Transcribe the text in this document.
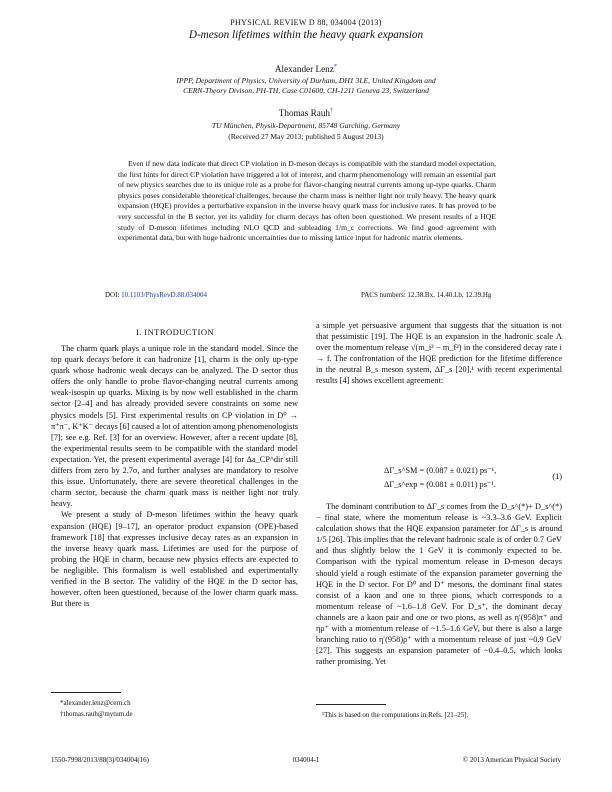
PHYSICAL REVIEW D 88, 034004 (2013)
D-meson lifetimes within the heavy quark expansion
Alexander Lenz*
IPPP, Department of Physics, University of Durham, DH1 3LE, United Kingdom and
CERN-Theory Divison, PH-TH, Case C01600, CH-1211 Geneva 23, Switzerland
Thomas Rauh†
TU München, Physik-Department, 85748 Garching, Germany
(Received 27 May 2013; published 5 August 2013)
Even if new data indicate that direct CP violation in D-meson decays is compatible with the standard model expectation, the first hints for direct CP violation have triggered a lot of interest, and charm phenomenology will remain an essential part of new physics searches due to its unique role as a probe for flavor-changing neutral currents among up-type quarks. Charm physics poses considerable theoretical challenges, because the charm mass is neither light nor truly heavy. The heavy quark expansion (HQE) provides a perturbative expansion in the inverse heavy quark mass for inclusive rates. It has proved to be very successful in the B sector, yet its validity for charm decays has often been questioned. We present results of a HQE study of D-meson lifetimes including NLO QCD and subleading 1/m_c corrections. We find good agreement with experimental data, but with huge hadronic uncertainties due to missing lattice input for hadronic matrix elements.
DOI: 10.1103/PhysRevD.88.034004	PACS numbers: 12.38.Bx, 14.40.Lb, 12.39.Hg
I. INTRODUCTION

The charm quark plays a unique role in the standard model. Since the top quark decays before it can hadronize [1], charm is the only up-type quark whose hadronic weak decays can be analyzed. The D sector thus offers the only handle to probe flavor-changing neutral currents among weak-isospin up quarks. Mixing is by now well established in the charm sector [2–4] and has already provided severe constraints on some new physics models [5]. First experimental results on CP violation in D⁰ → π⁺π⁻, K⁺K⁻ decays [6] caused a lot of attention among phenomenologists [7]; see e.g. Ref. [3] for an overview. However, after a recent update [8], the experimental results seem to be compatible with the standard model expectation. Yet, the present experimental average [4] for Δa_CP^dir still differs from zero by 2.7σ, and further analyses are mandatory to resolve this issue. Unfortunately, there are severe theoretical challenges in the charm sector, because the charm quark mass is neither light nor truly heavy.

We present a study of D-meson lifetimes within the heavy quark expansion (HQE) [9–17], an operator product expansion (OPE)-based framework [18] that expresses inclusive decay rates as an expansion in the inverse heavy quark mass. Lifetimes are used for the purpose of probing the HQE in charm, because new physics effects are expected to be negligible. This formalism is well established and experimentally verified in the B sector. The validity of the HQE in the D sector has, however, often been questioned, because of the lower charm quark mass. But there is

*alexander.lenz@cern.ch
†thomas.rauh@mytum.de

a simple yet persuasive argument that suggests that the situation is not that pessimistic [19]. The HQE is an expansion in the hadronic scale Λ over the momentum release √(m_i² − m_f²) in the considered decay rate i → f. The confrontation of the HQE prediction for the lifetime difference in the neutral B_s meson system, ΔΓ_s [20],¹ with recent experimental results [4] shows excellent agreement:

ΔΓ_s^SM = (0.087 ± 0.021) ps⁻¹,
ΔΓ_s^exp = (0.081 ± 0.011) ps⁻¹.
(1)

The dominant contribution to ΔΓ_s comes from the D_s^(*)+ D_s^(*)− final state, where the momentum release is ~3.3–3.6 GeV. Explicit calculation shows that the HQE expansion parameter for ΔΓ_s is around 1/5 [26]. This implies that the relevant hadronic scale is of order 0.7 GeV and thus slightly below the 1 GeV it is commonly expected to be. Comparison with the typical momentum release in D-meson decays should yield a rough estimate of the expansion parameter governing the HQE in the D sector. For D⁰ and D⁺ mesons, the dominant final states consist of a kaon and one to three pions, which corresponds to a momentum release of ~1.6–1.8 GeV. For D_s⁺, the dominant decay channels are a kaon pair and one or two pions, as well as η′(958)π⁺ and ηρ⁺ with a momentum release of ~1.5–1.6 GeV, but there is also a large branching ratio to η′(958)ρ⁺ with a momentum release of just ~0.9 GeV [27]. This suggests an expansion parameter of ~0.4–0.5, which looks rather promising. Yet

¹This is based on the computations in Refs. [21–25].
1550-7998/2013/88(3)/034004(16)	034004-1	© 2013 American Physical Society
